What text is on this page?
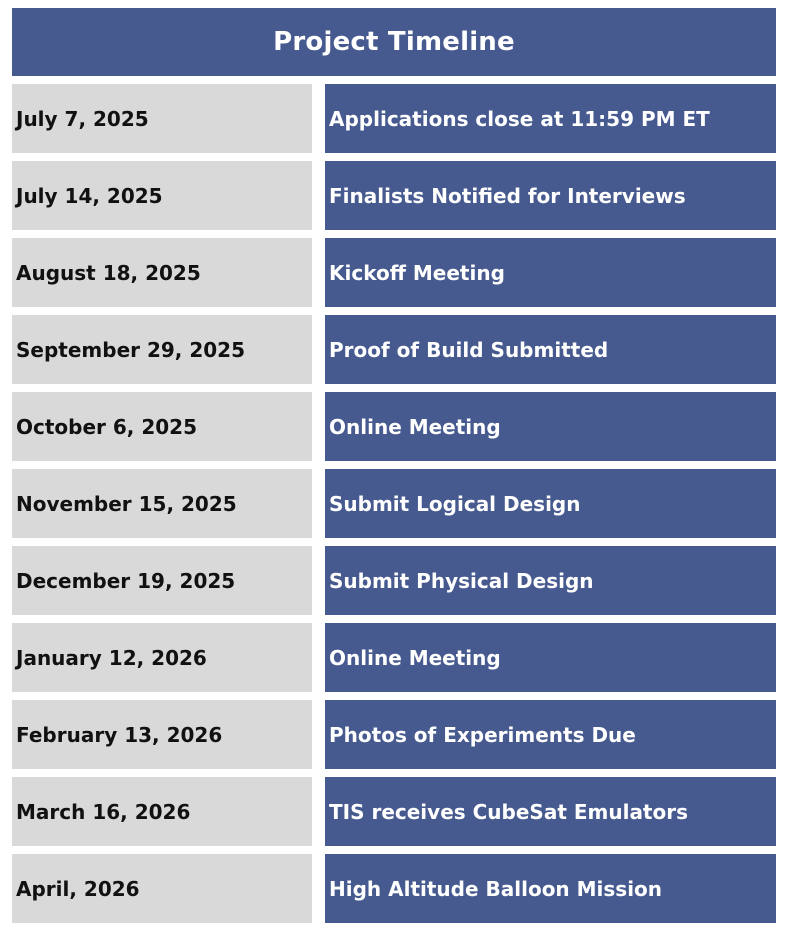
Project Timeline
July 7, 2025	Applications close at 11:59 PM ET
July 14, 2025	Finalists Notified for Interviews
August 18, 2025	Kickoff Meeting
September 29, 2025	Proof of Build Submitted
October 6, 2025	Online Meeting
November 15, 2025	Submit Logical Design
December 19, 2025	Submit Physical Design
January 12, 2026	Online Meeting
February 13, 2026	Photos of Experiments Due
March 16, 2026	TIS receives CubeSat Emulators
April, 2026	High Altitude Balloon Mission
